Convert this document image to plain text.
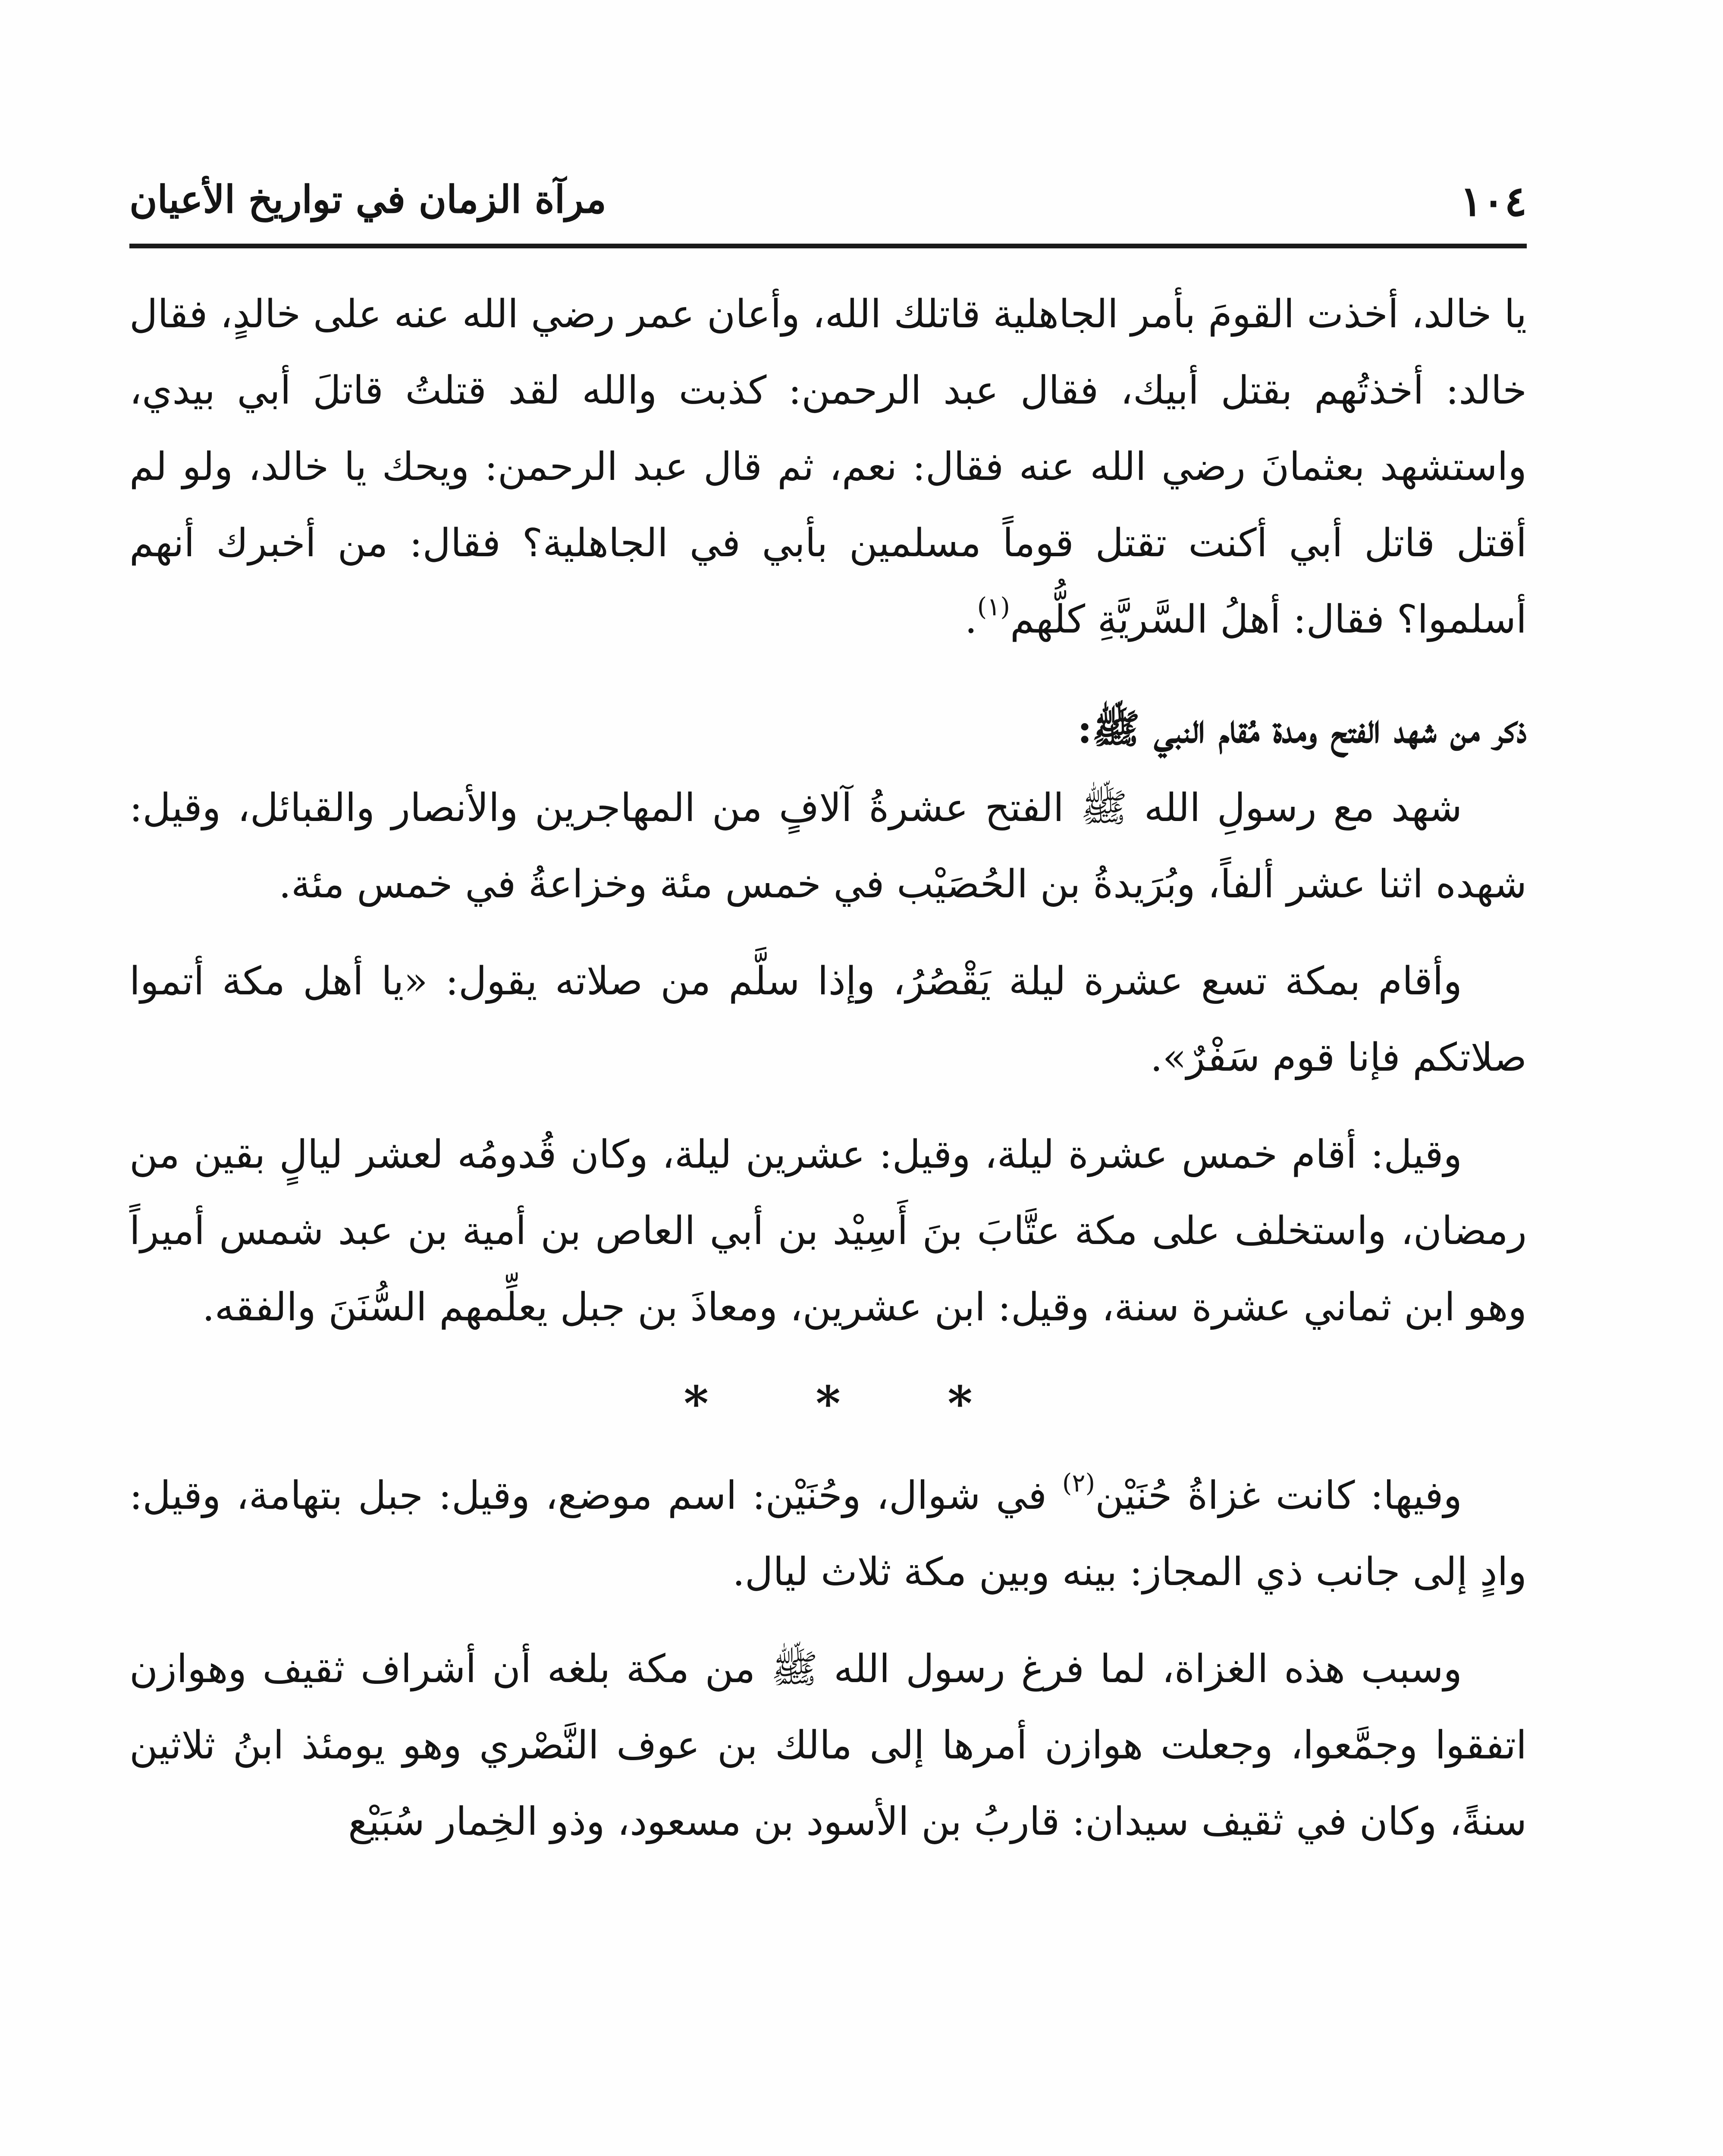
١٠٤
مرآة الزمان في تواريخ الأعيان

يا خالد، أخذت القومَ بأمر الجاهلية قاتلك الله، وأعان عمر رضي الله عنه على خالدٍ، فقال خالد: أخذتُهم بقتل أبيك، فقال عبد الرحمن: كذبت والله لقد قتلتُ قاتلَ أبي بيدي، واستشهد بعثمانَ رضي الله عنه فقال: نعم، ثم قال عبد الرحمن: ويحك يا خالد، ولو لم أقتل قاتل أبي أكنت تقتل قوماً مسلمين بأبي في الجاهلية؟ فقال: من أخبرك أنهم أسلموا؟ فقال: أهلُ السَّريَّةِ كلُّهم$^{(١)}$.

ذكر من شهد الفتح ومدة مُقام النبي ﷺ:

شهد مع رسولِ الله ﷺ الفتح عشرةُ آلافٍ من المهاجرين والأنصار والقبائل، وقيل: شهده اثنا عشر ألفاً، وبُرَيدةُ بن الحُصَيْب في خمس مئة وخزاعةُ في خمس مئة.

وأقام بمكة تسع عشرة ليلة يَقْصُرُ، وإذا سلَّم من صلاته يقول: «يا أهل مكة أتموا صلاتكم فإنا قوم سَفْرٌ».

وقيل: أقام خمس عشرة ليلة، وقيل: عشرين ليلة، وكان قُدومُه لعشر ليالٍ بقين من رمضان، واستخلف على مكة عتَّابَ بنَ أَسِيْد بن أبي العاص بن أمية بن عبد شمس أميراً وهو ابن ثماني عشرة سنة، وقيل: ابن عشرين، ومعاذَ بن جبل يعلِّمهم السُّنَنَ والفقه.

* * *

وفيها: كانت غزاةُ حُنَيْن$^{(٢)}$ في شوال، وحُنَيْن: اسم موضع، وقيل: جبل بتهامة، وقيل: وادٍ إلى جانب ذي المجاز: بينه وبين مكة ثلاث ليال.

وسبب هذه الغزاة، لما فرغ رسول الله ﷺ من مكة بلغه أن أشراف ثقيف وهوازن اتفقوا وجمَّعوا، وجعلت هوازن أمرها إلى مالك بن عوف النَّصْري وهو يومئذ ابنُ ثلاثين سنةً، وكان في ثقيف سيدان: قاربُ بن الأسود بن مسعود، وذو الخِمار سُبَيْع
